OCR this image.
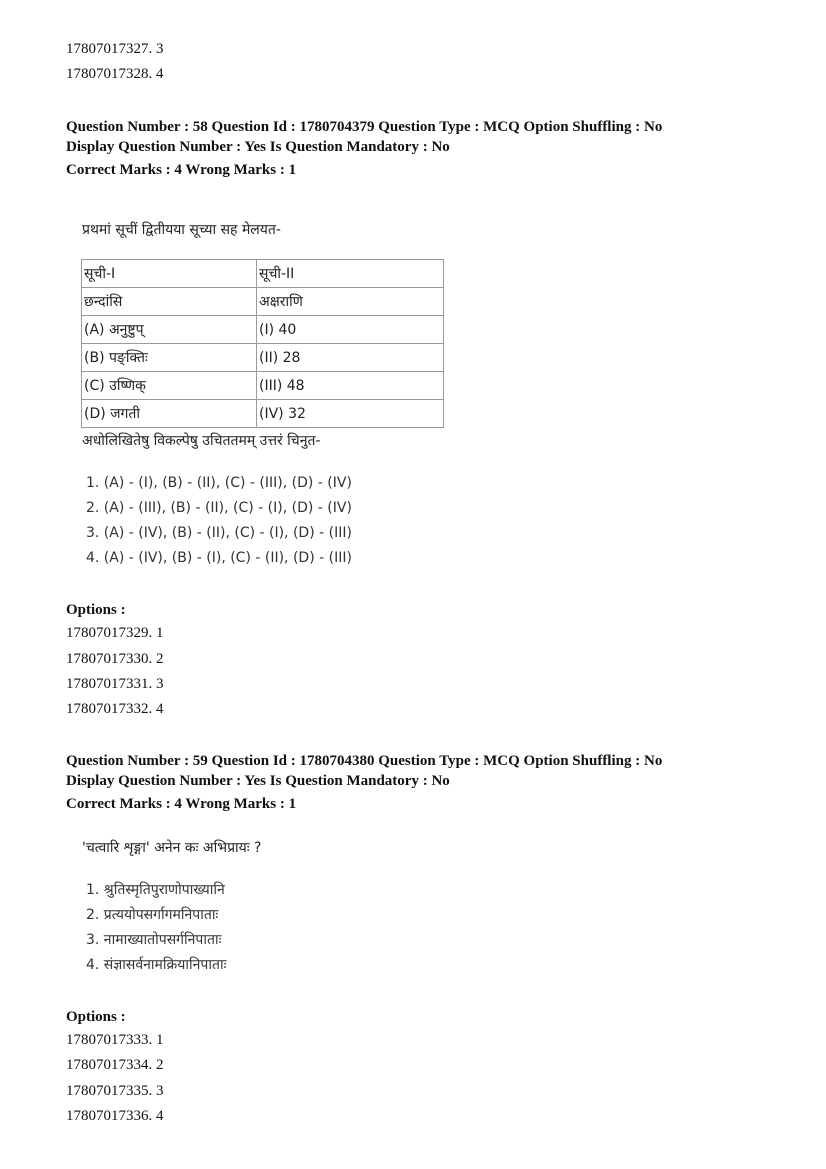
17807017327. 3
17807017328. 4
Question Number : 58 Question Id : 1780704379 Question Type : MCQ Option Shuffling : No
Display Question Number : Yes Is Question Mandatory : No
Correct Marks : 4 Wrong Marks : 1
प्रथमां सूचीं द्वितीयया सूच्या सह मेलयत-
सूची-I	सूची-II
छन्दांसि	अक्षराणि
(A) अनुष्टुप्	(I) 40
(B) पङ्क्तिः	(II) 28
(C) उष्णिक्	(III) 48
(D) जगती	(IV) 32
अधोलिखितेषु विकल्पेषु उचिततमम् उत्तरं चिनुत-
1. (A) - (I), (B) - (II), (C) - (III), (D) - (IV)
2. (A) - (III), (B) - (II), (C) - (I), (D) - (IV)
3. (A) - (IV), (B) - (II), (C) - (I), (D) - (III)
4. (A) - (IV), (B) - (I), (C) - (II), (D) - (III)
Options :
17807017329. 1
17807017330. 2
17807017331. 3
17807017332. 4
Question Number : 59 Question Id : 1780704380 Question Type : MCQ Option Shuffling : No
Display Question Number : Yes Is Question Mandatory : No
Correct Marks : 4 Wrong Marks : 1
'चत्वारि शृङ्गा' अनेन कः अभिप्रायः ?
1. श्रुतिस्मृतिपुराणोपाख्यानि
2. प्रत्ययोपसर्गागमनिपाताः
3. नामाख्यातोपसर्गनिपाताः
4. संज्ञासर्वनामक्रियानिपाताः
Options :
17807017333. 1
17807017334. 2
17807017335. 3
17807017336. 4
